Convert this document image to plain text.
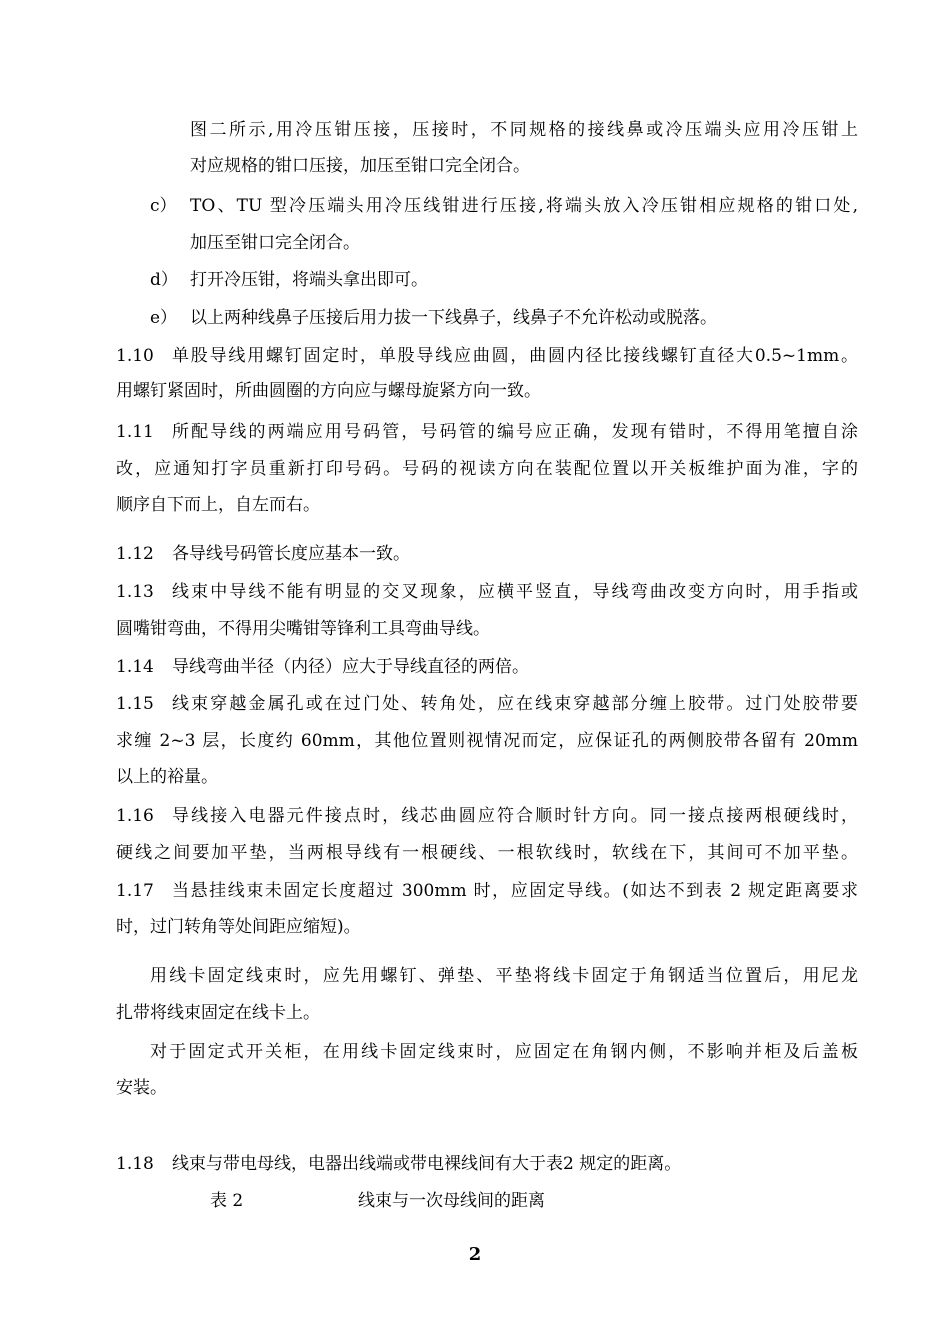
图二所示,用冷压钳压接，压接时，不同规格的接线鼻或冷压端头应用冷压钳上
对应规格的钳口压接，加压至钳口完全闭合。
c） TO、TU 型冷压端头用冷压线钳进行压接,将端头放入冷压钳相应规格的钳口处,
加压至钳口完全闭合。
d） 打开冷压钳，将端头拿出即可。
e） 以上两种线鼻子压接后用力拔一下线鼻子，线鼻子不允许松动或脱落。
1.10 单股导线用螺钉固定时，单股导线应曲圆，曲圆内径比接线螺钉直径大0.5~1mm。
用螺钉紧固时，所曲圆圈的方向应与螺母旋紧方向一致。
1.11 所配导线的两端应用号码管，号码管的编号应正确，发现有错时，不得用笔擅自涂
改，应通知打字员重新打印号码。号码的视读方向在装配位置以开关板维护面为准，字的
顺序自下而上，自左而右。
1.12 各导线号码管长度应基本一致。
1.13 线束中导线不能有明显的交叉现象，应横平竖直，导线弯曲改变方向时，用手指或
圆嘴钳弯曲，不得用尖嘴钳等锋利工具弯曲导线。
1.14 导线弯曲半径（内径）应大于导线直径的两倍。
1.15 线束穿越金属孔或在过门处、转角处，应在线束穿越部分缠上胶带。过门处胶带要
求缠 2~3 层，长度约 60mm，其他位置则视情况而定，应保证孔的两侧胶带各留有 20mm
以上的裕量。
1.16 导线接入电器元件接点时，线芯曲圆应符合顺时针方向。同一接点接两根硬线时，
硬线之间要加平垫，当两根导线有一根硬线、一根软线时，软线在下，其间可不加平垫。
1.17 当悬挂线束未固定长度超过 300mm 时，应固定导线。(如达不到表 2 规定距离要求
时，过门转角等处间距应缩短)。
用线卡固定线束时，应先用螺钉、弹垫、平垫将线卡固定于角钢适当位置后，用尼龙
扎带将线束固定在线卡上。
对于固定式开关柜，在用线卡固定线束时，应固定在角钢内侧，不影响并柜及后盖板
安装。
1.18 线束与带电母线，电器出线端或带电裸线间有大于表2 规定的距离。
表 2	线束与一次母线间的距离
2
